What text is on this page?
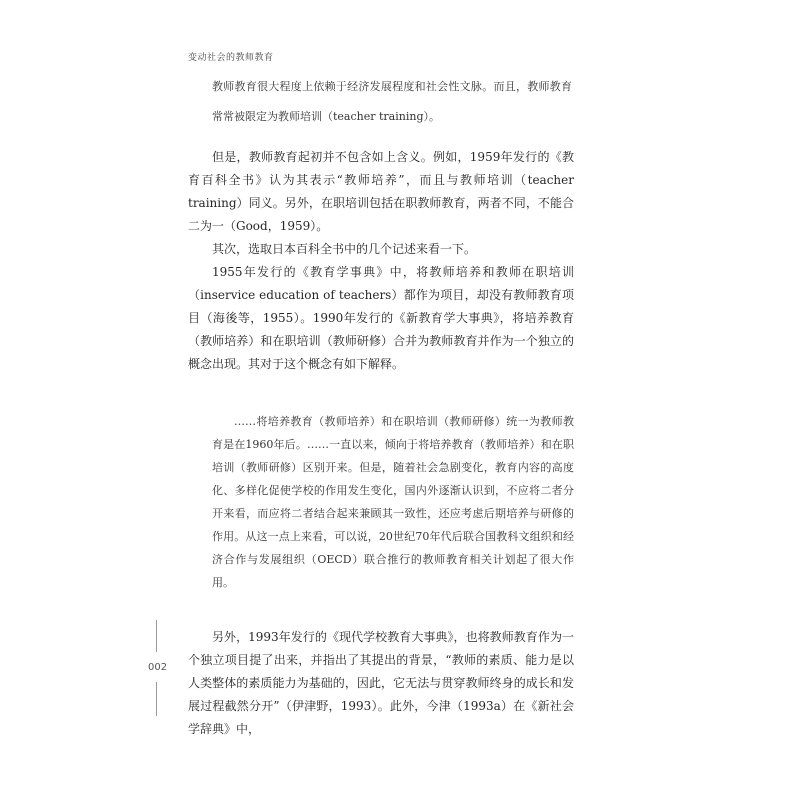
变动社会的教师教育

教师教育很大程度上依赖于经济发展程度和社会性文脉。而且，教师教育常常被限定为教师培训（teacher training）。

但是，教师教育起初并不包含如上含义。例如，1959年发行的《教育百科全书》认为其表示“教师培养”，而且与教师培训（teacher training）同义。另外，在职培训包括在职教师教育，两者不同，不能合二为一（Good，1959）。

其次，选取日本百科全书中的几个记述来看一下。

1955年发行的《教育学事典》中，将教师培养和教师在职培训（inservice education of teachers）都作为项目，却没有教师教育项目（海後等，1955）。1990年发行的《新教育学大事典》，将培养教育（教师培养）和在职培训（教师研修）合并为教师教育并作为一个独立的概念出现。其对于这个概念有如下解释。

……将培养教育（教师培养）和在职培训（教师研修）统一为教师教育是在1960年后。……一直以来，倾向于将培养教育（教师培养）和在职培训（教师研修）区别开来。但是，随着社会急剧变化，教育内容的高度化、多样化促使学校的作用发生变化，国内外逐渐认识到，不应将二者分开来看，而应将二者结合起来兼顾其一致性，还应考虑后期培养与研修的作用。从这一点上来看，可以说，20世纪70年代后联合国教科文组织和经济合作与发展组织（OECD）联合推行的教师教育相关计划起了很大作用。

另外，1993年发行的《现代学校教育大事典》，也将教师教育作为一个独立项目提了出来，并指出了其提出的背景，“教师的素质、能力是以人类整体的素质能力为基础的，因此，它无法与贯穿教师终身的成长和发展过程截然分开”（伊津野，1993）。此外，今津（1993a）在《新社会学辞典》中，

002
